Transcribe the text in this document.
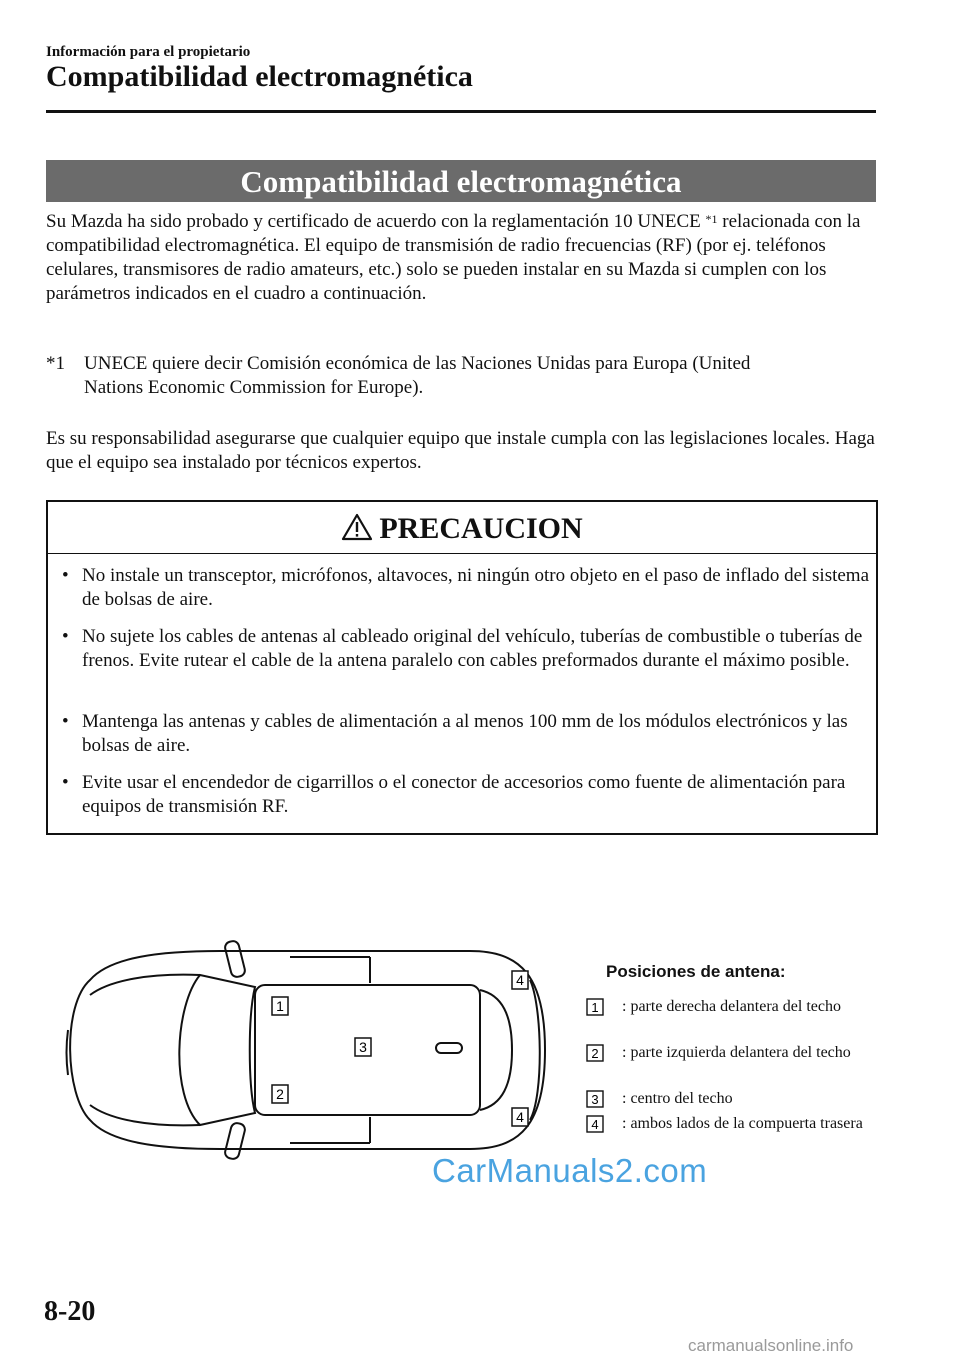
Información para el propietario
Compatibilidad electromagnética
Compatibilidad electromagnética
Su Mazda ha sido probado y certificado de acuerdo con la reglamentación 10 UNECE $^{*1}$ relacionada con la compatibilidad electromagnética. El equipo de transmisión de radio frecuencias (RF) (por ej. teléfonos celulares, transmisores de radio amateurs, etc.) solo se pueden instalar en su Mazda si cumplen con los parámetros indicados en el cuadro a continuación.
*1 UNECE quiere decir Comisión económica de las Naciones Unidas para Europa (United
Nations Economic Commission for Europe).
Es su responsabilidad asegurarse que cualquier equipo que instale cumpla con las legislaciones locales. Haga que el equipo sea instalado por técnicos expertos.
PRECAUCION
• No instale un transceptor, micrófonos, altavoces, ni ningún otro objeto en el paso de inflado del sistema de bolsas de aire.
• No sujete los cables de antenas al cableado original del vehículo, tuberías de combustible o tuberías de frenos. Evite rutear el cable de la antena paralelo con cables preformados durante el máximo posible.
• Mantenga las antenas y cables de alimentación a al menos 100 mm de los módulos electrónicos y las bolsas de aire.
• Evite usar el encendedor de cigarrillos o el conector de accesorios como fuente de alimentación para equipos de transmisión RF.
1
2
3
4
4
Posiciones de antena:
1	: parte derecha delantera del techo
2	: parte izquierda delantera del techo
3	: centro del techo
4	: ambos lados de la compuerta trasera
CarManuals2.com
8-20
carmanualsonline.info
